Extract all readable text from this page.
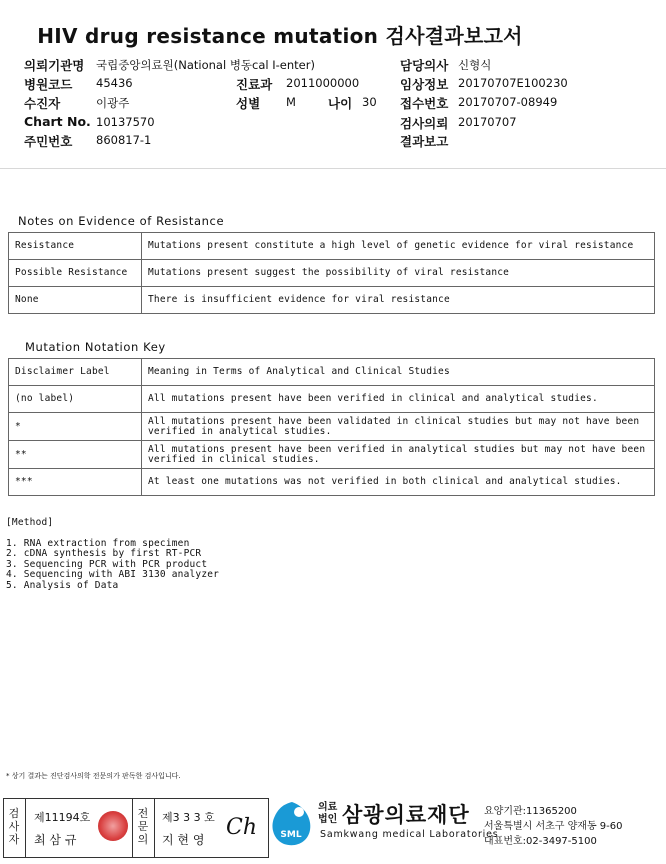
HIV drug resistance mutation 검사결과보고서
의뢰기관명 국립중앙의료원(National 병동cal I-enter)	담당의사 신형식
병원코드 45436	진료과 2011000000	임상정보 20170707E100230
수진자	이광주	성별 M	나이 30 접수번호 20170707-08949
Chart No. 10137570	검사의뢰 20170707
주민번호 860817-1	결과보고
Notes on Evidence of Resistance
Resistance	Mutations present constitute a high level of genetic evidence for viral resistance
Possible Resistance	Mutations present suggest the possibility of viral resistance
None	There is insufficient evidence for viral resistance
Mutation Notation Key
Disclaimer Label	Meaning in Terms of Analytical and Clinical Studies
(no label)	All mutations present have been verified in clinical and analytical studies.
*	All mutations present have been validated in clinical studies but may not have been verified in analytical studies.
**	All mutations present have been verified in analytical studies but may not have been verified in clinical studies.
***	At least one mutations was not verified in both clinical and analytical studies.
[Method]
1. RNA extraction from specimen
2. cDNA synthesis by first RT-PCR
3. Sequencing PCR with PCR product
4. Sequencing with ABI 3130 analyzer
5. Analysis of Data
* 상기 결과는 진단검사의학 전문의가 판독한 검사입니다.
검
사
자
제11194호
최 삼 규
전
문
의
제3 3 3 호
지 현 영 Ch	SML
의료
법인 삼광의료재단
Samkwang medical Laboratories
요양기관:11365200
서울특별시 서초구 양재동 9-60
대표번호:02-3497-5100
